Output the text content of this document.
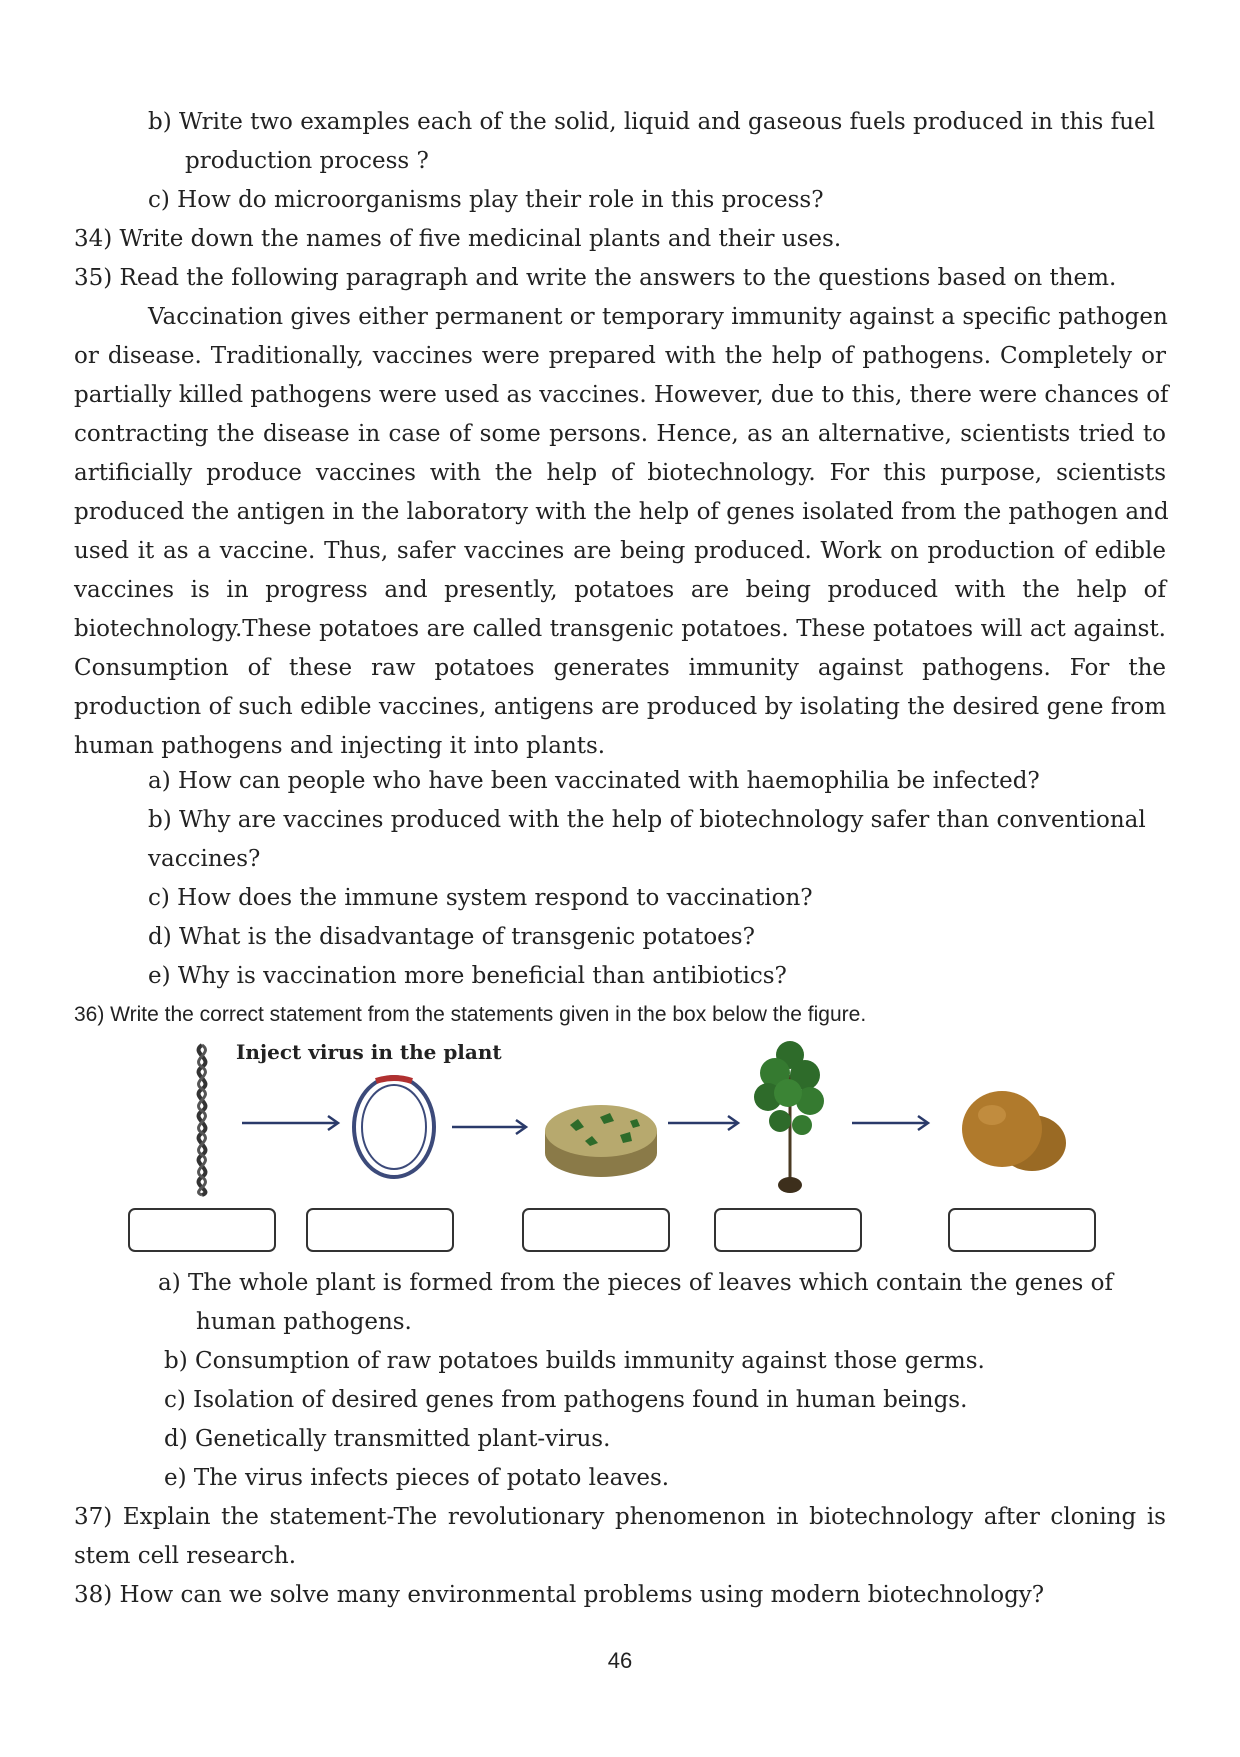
b) Write two examples each of the solid, liquid and gaseous fuels produced in this fuel
production process ?
c) How do microorganisms play their role in this process?
34) Write down the names of five medicinal plants and their uses.
35) Read the following paragraph and write the answers to the questions based on them.
Vaccination gives either permanent or temporary immunity against a specific pathogen
or disease. Traditionally, vaccines were prepared with the help of pathogens. Completely or
partially killed pathogens were used as vaccines. However, due to this, there were chances of
contracting the disease in case of some persons. Hence, as an alternative, scientists tried to
artificially produce vaccines with the help of biotechnology. For this purpose, scientists
produced the antigen in the laboratory with the help of genes isolated from the pathogen and
used it as a vaccine. Thus, safer vaccines are being produced. Work on production of edible
vaccines is in progress and presently, potatoes are being produced with the help of
biotechnology.These potatoes are called transgenic potatoes. These potatoes will act against.
Consumption of these raw potatoes generates immunity against pathogens. For the
production of such edible vaccines, antigens are produced by isolating the desired gene from
human pathogens and injecting it into plants.
a) How can people who have been vaccinated with haemophilia be infected?
b) Why are vaccines produced with the help of biotechnology safer than conventional
vaccines?
c) How does the immune system respond to vaccination?
d) What is the disadvantage of transgenic potatoes?
e) Why is vaccination more beneficial than antibiotics?
36) Write the correct statement from the statements given in the box below the figure.
Inject virus in the plant
a) The whole plant is formed from the pieces of leaves which contain the genes of
human pathogens.
b) Consumption of raw potatoes builds immunity against those germs.
c) Isolation of desired genes from pathogens found in human beings.
d) Genetically transmitted plant-virus.
e) The virus infects pieces of potato leaves.
37) Explain the statement-The revolutionary phenomenon in biotechnology after cloning is
stem cell research.
38) How can we solve many environmental problems using modern biotechnology?
46
